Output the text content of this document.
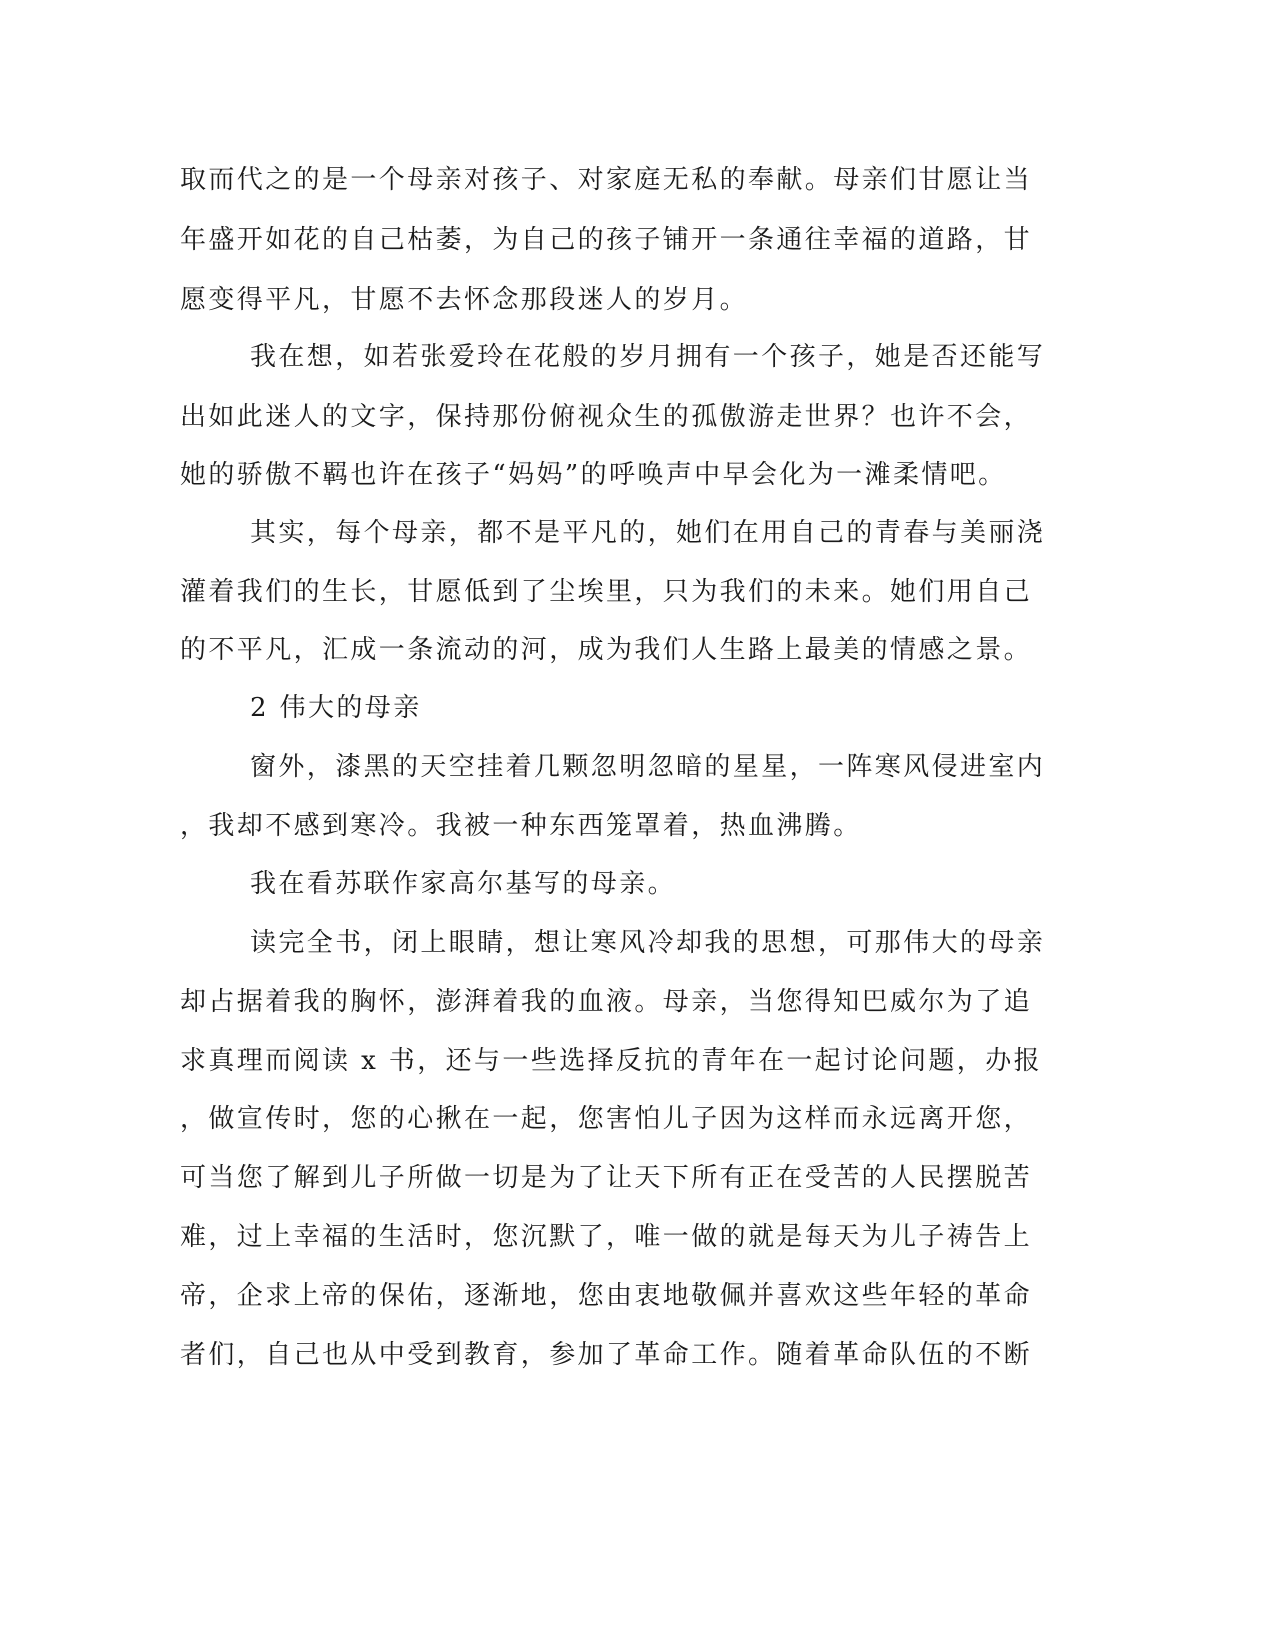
取而代之的是一个母亲对孩子、对家庭无私的奉献。母亲们甘愿让当
年盛开如花的自己枯萎，为自己的孩子铺开一条通往幸福的道路，甘
愿变得平凡，甘愿不去怀念那段迷人的岁月。
我在想，如若张爱玲在花般的岁月拥有一个孩子，她是否还能写
出如此迷人的文字，保持那份俯视众生的孤傲游走世界？也许不会，
她的骄傲不羁也许在孩子“妈妈”的呼唤声中早会化为一滩柔情吧。
其实，每个母亲，都不是平凡的，她们在用自己的青春与美丽浇
灌着我们的生长，甘愿低到了尘埃里，只为我们的未来。她们用自己
的不平凡，汇成一条流动的河，成为我们人生路上最美的情感之景。
2 伟大的母亲
窗外，漆黑的天空挂着几颗忽明忽暗的星星，一阵寒风侵进室内
，我却不感到寒冷。我被一种东西笼罩着，热血沸腾。
我在看苏联作家高尔基写的母亲。
读完全书，闭上眼睛，想让寒风冷却我的思想，可那伟大的母亲
却占据着我的胸怀，澎湃着我的血液。母亲，当您得知巴威尔为了追
求真理而阅读 x 书，还与一些选择反抗的青年在一起讨论问题，办报
，做宣传时，您的心揪在一起，您害怕儿子因为这样而永远离开您，
可当您了解到儿子所做一切是为了让天下所有正在受苦的人民摆脱苦
难，过上幸福的生活时，您沉默了，唯一做的就是每天为儿子祷告上
帝，企求上帝的保佑，逐渐地，您由衷地敬佩并喜欢这些年轻的革命
者们，自己也从中受到教育，参加了革命工作。随着革命队伍的不断
